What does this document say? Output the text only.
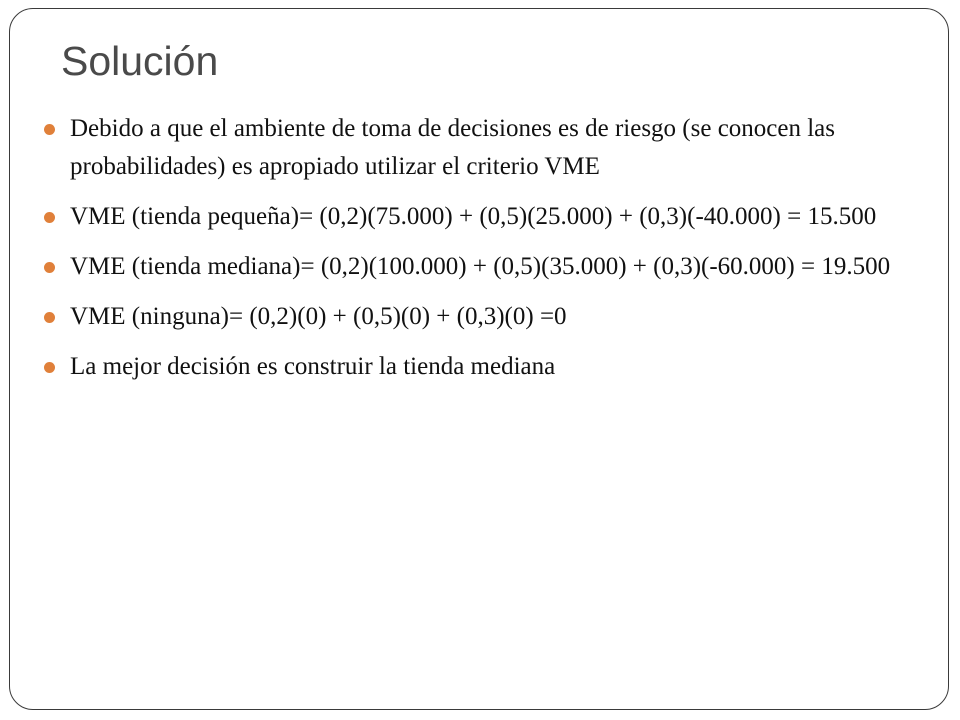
Solución
Debido a que el ambiente de toma de decisiones es de riesgo (se conocen las probabilidades) es apropiado utilizar el criterio VME
VME (tienda pequeña)= (0,2)(75.000) + (0,5)(25.000) + (0,3)(-40.000) = 15.500
VME (tienda mediana)= (0,2)(100.000) + (0,5)(35.000) + (0,3)(-60.000) = 19.500
VME (ninguna)= (0,2)(0) + (0,5)(0) + (0,3)(0) =0
La mejor decisión es construir la tienda mediana
